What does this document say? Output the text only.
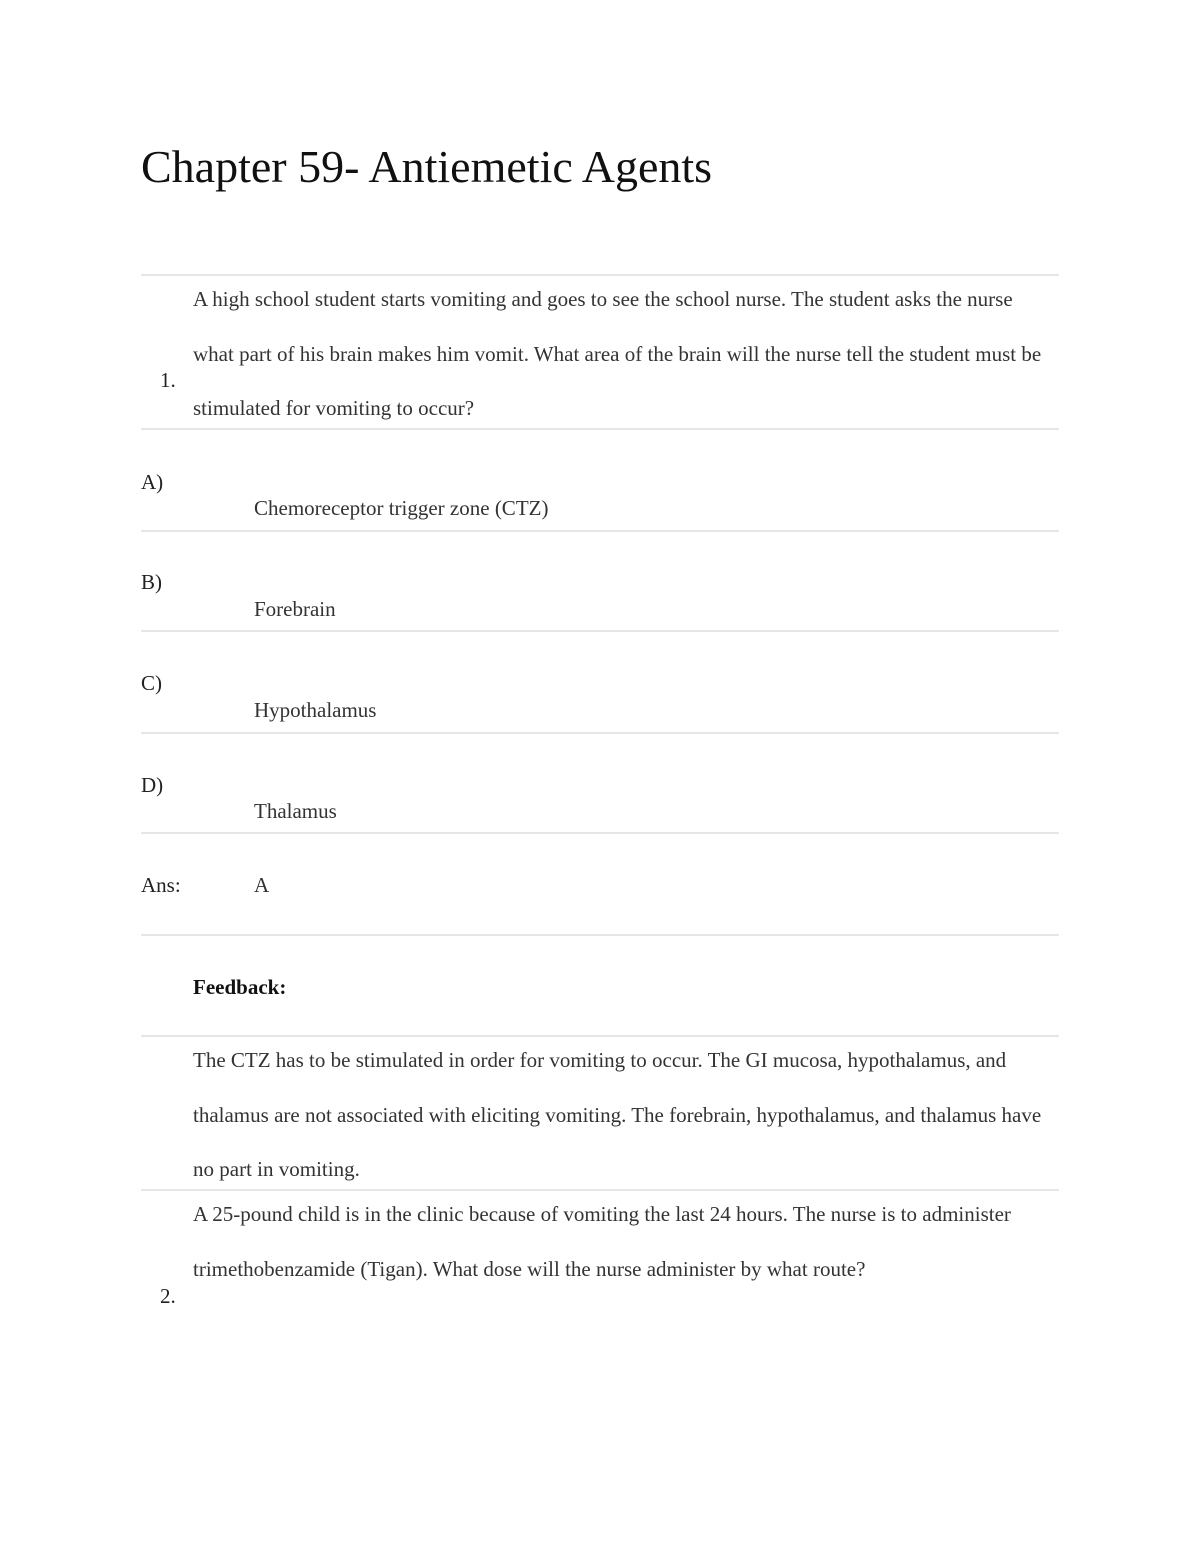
Chapter 59- Antiemetic Agents
1.
A high school student starts vomiting and goes to see the school nurse. The student asks the nurse what part of his brain makes him vomit. What area of the brain will the nurse tell the student must be stimulated for vomiting to occur?
A)
Chemoreceptor trigger zone (CTZ)
B)
Forebrain
C)
Hypothalamus
D)
Thalamus
Ans:	A
Feedback:
The CTZ has to be stimulated in order for vomiting to occur. The GI mucosa, hypothalamus, and thalamus are not associated with eliciting vomiting. The forebrain, hypothalamus, and thalamus have no part in vomiting.
2.
A 25-pound child is in the clinic because of vomiting the last 24 hours. The nurse is to administer trimethobenzamide (Tigan). What dose will the nurse administer by what route?
